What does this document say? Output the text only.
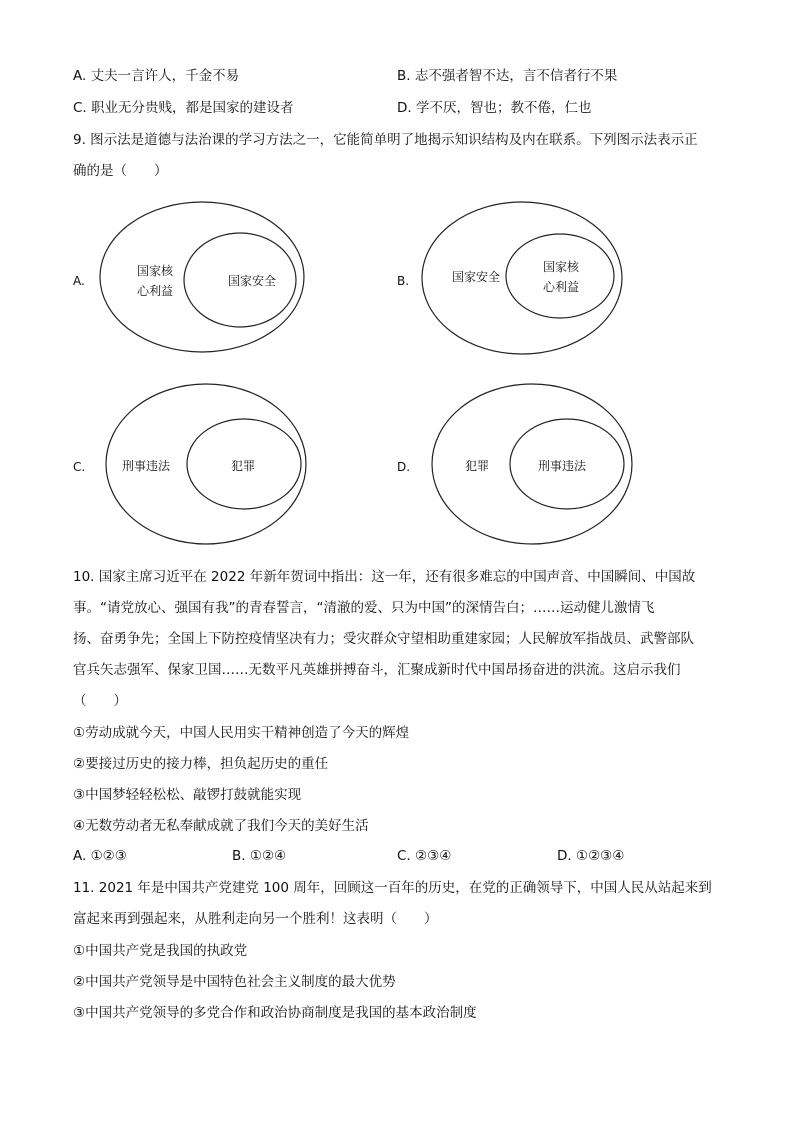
A. 丈夫一言许人，千金不易	B. 志不强者智不达，言不信者行不果
C. 职业无分贵贱，都是国家的建设者	D. 学不厌，智也；教不倦，仁也
9. 图示法是道德与法治课的学习方法之一，它能简单明了地揭示知识结构及内在联系。下列图示法表示正
确的是（　　）
A.
国家核
心利益
国家安全	B.	国家安全
国家核
心利益
C.	刑事违法	犯罪	D.	犯罪	刑事违法
10. 国家主席习近平在 2022 年新年贺词中指出：这一年，还有很多难忘的中国声音、中国瞬间、中国故
事。“请党放心、强国有我”的青春誓言，“清澈的爱、只为中国”的深情告白；……运动健儿激情飞
扬、奋勇争先；全国上下防控疫情坚决有力；受灾群众守望相助重建家园；人民解放军指战员、武警部队
官兵矢志强军、保家卫国……无数平凡英雄拼搏奋斗，汇聚成新时代中国昂扬奋进的洪流。这启示我们
（　　）
①劳动成就今天，中国人民用实干精神创造了今天的辉煌
②要接过历史的接力棒，担负起历史的重任
③中国梦轻轻松松、敲锣打鼓就能实现
④无数劳动者无私奉献成就了我们今天的美好生活
A. ①②③	B. ①②④	C. ②③④	D. ①②③④
11. 2021 年是中国共产党建党 100 周年，回顾这一百年的历史，在党的正确领导下，中国人民从站起来到
富起来再到强起来，从胜利走向另一个胜利！这表明（　　）
①中国共产党是我国的执政党
②中国共产党领导是中国特色社会主义制度的最大优势
③中国共产党领导的多党合作和政治协商制度是我国的基本政治制度
